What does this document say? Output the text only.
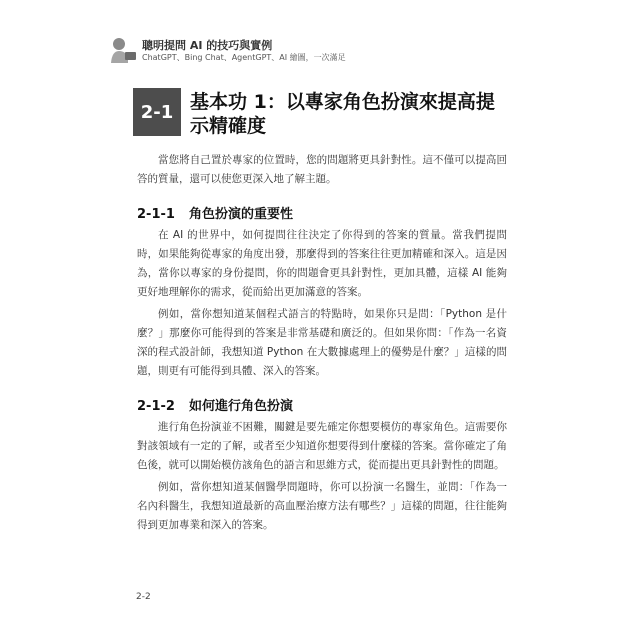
聰明提問 AI 的技巧與實例
ChatGPT、Bing Chat、AgentGPT、AI 繪圖，一次滿足
2-1 基本功 1：以專家角色扮演來提高提示精確度
當您將自己置於專家的位置時，您的問題將更具針對性。這不僅可以提高回答的質量，還可以使您更深入地了解主題。
2-1-1 角色扮演的重要性
在 AI 的世界中，如何提問往往決定了你得到的答案的質量。當我們提問時，如果能夠從專家的角度出發，那麼得到的答案往往更加精確和深入。這是因為，當你以專家的身份提問，你的問題會更具針對性，更加具體，這樣 AI 能夠更好地理解你的需求，從而給出更加滿意的答案。
例如，當你想知道某個程式語言的特點時，如果你只是問：「Python 是什麼？」那麼你可能得到的答案是非常基礎和廣泛的。但如果你問：「作為一名資深的程式設計師，我想知道 Python 在大數據處理上的優勢是什麼？」這樣的問題，則更有可能得到具體、深入的答案。
2-1-2 如何進行角色扮演
進行角色扮演並不困難，關鍵是要先確定你想要模仿的專家角色。這需要你對該領域有一定的了解，或者至少知道你想要得到什麼樣的答案。當你確定了角色後，就可以開始模仿該角色的語言和思維方式，從而提出更具針對性的問題。
例如，當你想知道某個醫學問題時，你可以扮演一名醫生，並問：「作為一名內科醫生，我想知道最新的高血壓治療方法有哪些？」這樣的問題，往往能夠得到更加專業和深入的答案。
2-2
